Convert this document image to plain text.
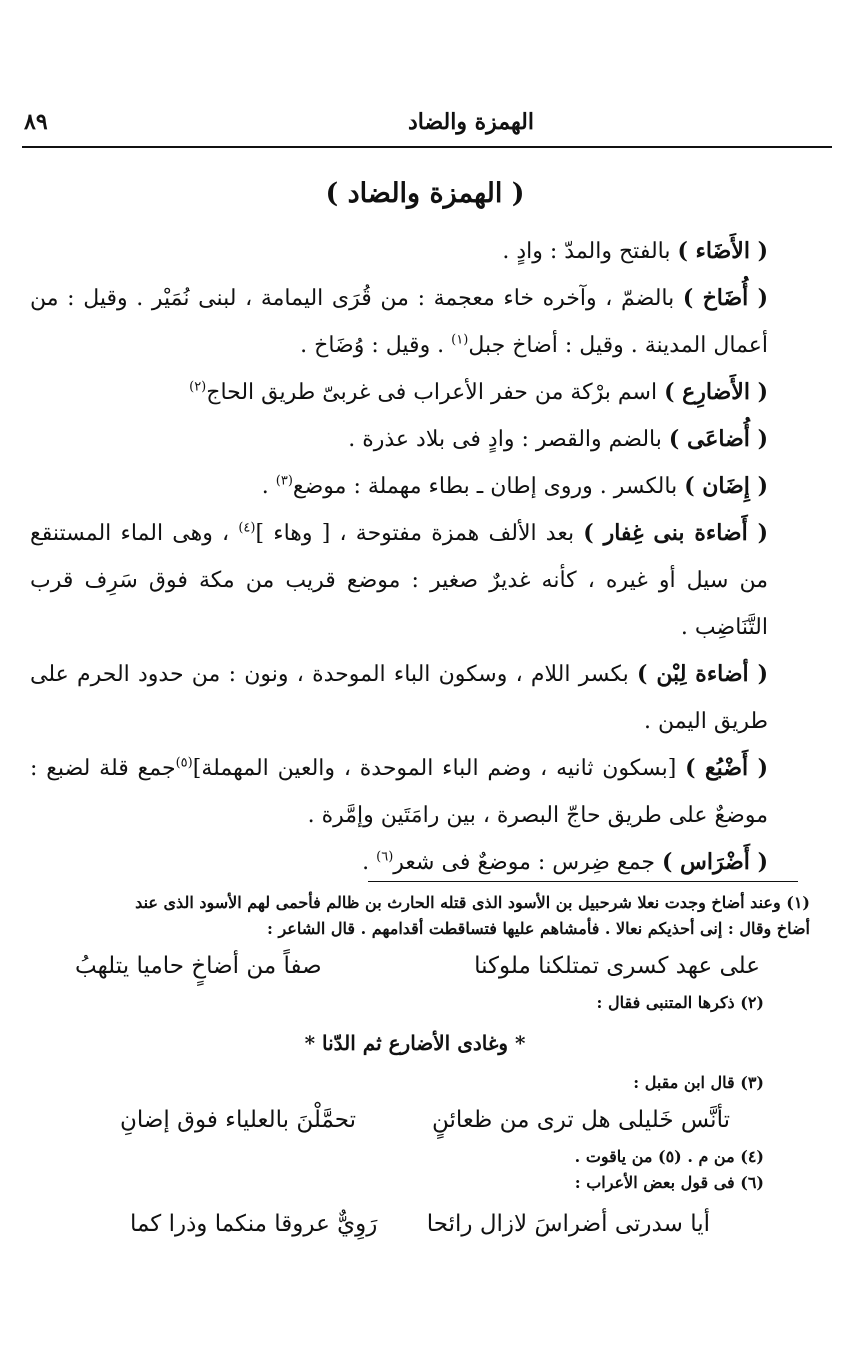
الهمزة والضاد
٨٩
( الهمزة والضاد )

( الأَضَاء ) بالفتح والمدّ : وادٍ .

( أُضَاخ ) بالضمّ ، وآخره خاء معجمة : من قُرَى اليمامة ، لبنى نُمَيْر . وقيل : من أعمال المدينة . وقيل : أضاخ جبل$^{(١)}$ . وقيل : وُضَاخ .

( الأَضارِع ) اسم برْكة من حفر الأعراب فى غربىّ طريق الحاج$^{(٢)}$

( أُضاعَى ) بالضم والقصر : وادٍ فى بلاد عذرة .

( إِضَان ) بالكسر . وروى إطان ـ بطاء مهملة : موضع$^{(٣)}$ .

( أَضاءة بنى غِفار ) بعد الألف همزة مفتوحة ، [ وهاء ]$^{(٤)}$ ، وهى الماء المستنقع من سيل أو غيره ، كأنه غديرٌ صغير : موضع قريب من مكة فوق سَرِف قرب التَّنَاضِب .

( أضاءة لِبْن ) بكسر اللام ، وسكون الباء الموحدة ، ونون : من حدود الحرم على طريق اليمن .

( أَضْبُع ) [بسكون ثانيه ، وضم الباء الموحدة ، والعين المهملة]$^{(٥)}$جمع قلة لضبع : موضعٌ على طريق حاجّ البصرة ، بين رامَتَين وإمَّرة .

( أَضْرَاس ) جمع ضِرس : موضعٌ فى شعر$^{(٦)}$ .

(١) وعند أضاخ وجدت نعلا شرحبيل بن الأسود الذى قتله الحارث بن ظالم فأحمى لهم الأسود الذى عند

أضاخ وقال : إنى أحذيكم نعالا . فأمشاهم عليها فتساقطت أقدامهم . قال الشاعر :

على عهد كسرى تمتلكنا ملوكنا
صفاً من أضاخٍ حاميا يتلهبُ

(٢) ذكرها المتنبى فقال :

* وغادى الأضارع ثم الدّنا *

(٣) قال ابن مقبل :

تأنَّس خَليلى هل ترى من ظعائنٍ
تحمَّلْنَ بالعلياء فوق إضانِ

(٤) من م . (٥) من ياقوت .

(٦) فى قول بعض الأعراب :

أيا سدرتى أضراسَ لازال رائحا
رَوِيٌّ عروقا منكما وذرا كما
